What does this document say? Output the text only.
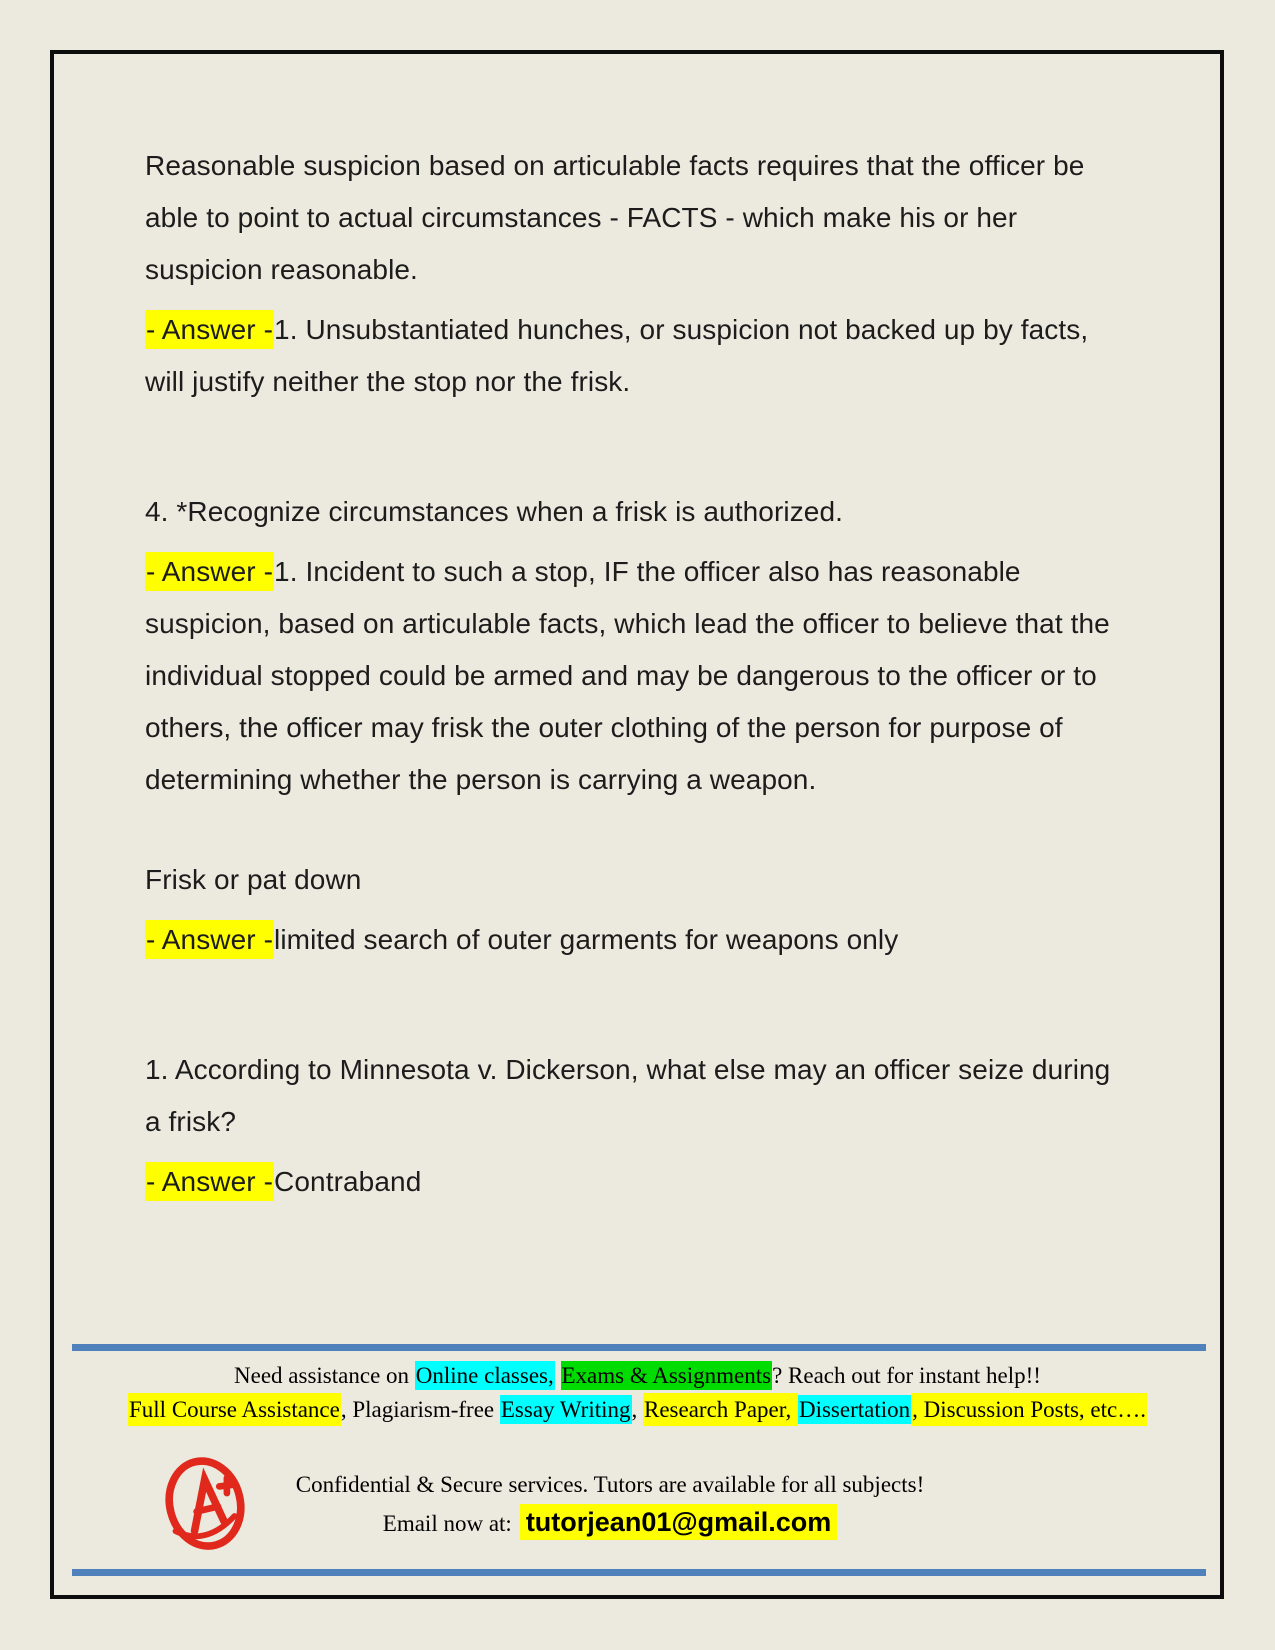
Reasonable suspicion based on articulable facts requires that the officer be able to point to actual circumstances - FACTS - which make his or her suspicion reasonable.

- Answer -1. Unsubstantiated hunches, or suspicion not backed up by facts, will justify neither the stop nor the frisk.

4. *Recognize circumstances when a frisk is authorized.

- Answer -1. Incident to such a stop, IF the officer also has reasonable suspicion, based on articulable facts, which lead the officer to believe that the individual stopped could be armed and may be dangerous to the officer or to others, the officer may frisk the outer clothing of the person for purpose of determining whether the person is carrying a weapon.

Frisk or pat down

- Answer -limited search of outer garments for weapons only

1. According to Minnesota v. Dickerson, what else may an officer seize during a frisk?

- Answer -Contraband

Need assistance on Online classes, Exams & Assignments? Reach out for instant help!!
Full Course Assistance, Plagiarism-free Essay Writing, Research Paper, Dissertation, Discussion Posts, etc….
Confidential & Secure services. Tutors are available for all subjects!
Email now at: tutorjean01@gmail.com
